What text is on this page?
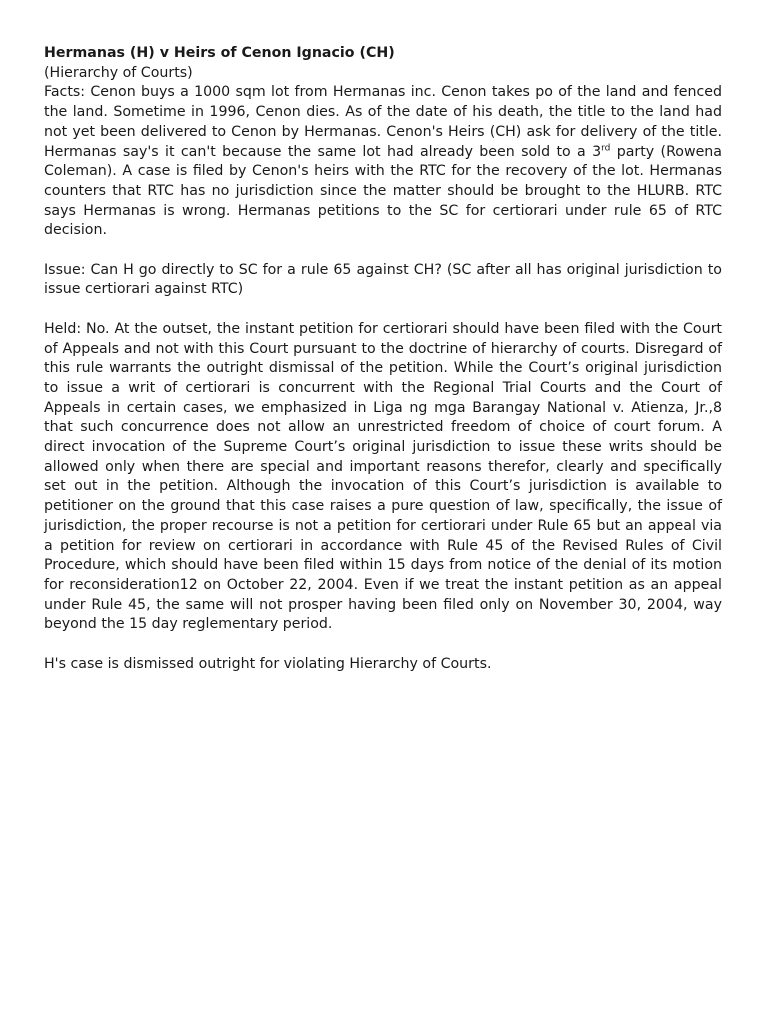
Hermanas (H) v Heirs of Cenon Ignacio (CH)
(Hierarchy of Courts)

Facts: Cenon buys a 1000 sqm lot from Hermanas inc. Cenon takes po of the land and fenced the land. Sometime in 1996, Cenon dies. As of the date of his death, the title to the land had not yet been delivered to Cenon by Hermanas. Cenon's Heirs (CH) ask for delivery of the title. Hermanas say's it can't because the same lot had already been sold to a 3rd party (Rowena Coleman). A case is filed by Cenon's heirs with the RTC for the recovery of the lot. Hermanas counters that RTC has no jurisdiction since the matter should be brought to the HLURB. RTC says Hermanas is wrong. Hermanas petitions to the SC for certiorari under rule 65 of RTC decision.

Issue: Can H go directly to SC for a rule 65 against CH? (SC after all has original jurisdiction to issue certiorari against RTC)

Held: No. At the outset, the instant petition for certiorari should have been filed with the Court of Appeals and not with this Court pursuant to the doctrine of hierarchy of courts. Disregard of this rule warrants the outright dismissal of the petition. While the Court’s original jurisdiction to issue a writ of certiorari is concurrent with the Regional Trial Courts and the Court of Appeals in certain cases, we emphasized in Liga ng mga Barangay National v. Atienza, Jr.,8 that such concurrence does not allow an unrestricted freedom of choice of court forum. A direct invocation of the Supreme Court’s original jurisdiction to issue these writs should be allowed only when there are special and important reasons therefor, clearly and specifically set out in the petition. Although the invocation of this Court’s jurisdiction is available to petitioner on the ground that this case raises a pure question of law, specifically, the issue of jurisdiction, the proper recourse is not a petition for certiorari under Rule 65 but an appeal via a petition for review on certiorari in accordance with Rule 45 of the Revised Rules of Civil Procedure, which should have been filed within 15 days from notice of the denial of its motion for reconsideration12 on October 22, 2004. Even if we treat the instant petition as an appeal under Rule 45, the same will not prosper having been filed only on November 30, 2004, way beyond the 15 day reglementary period.

H's case is dismissed outright for violating Hierarchy of Courts.
